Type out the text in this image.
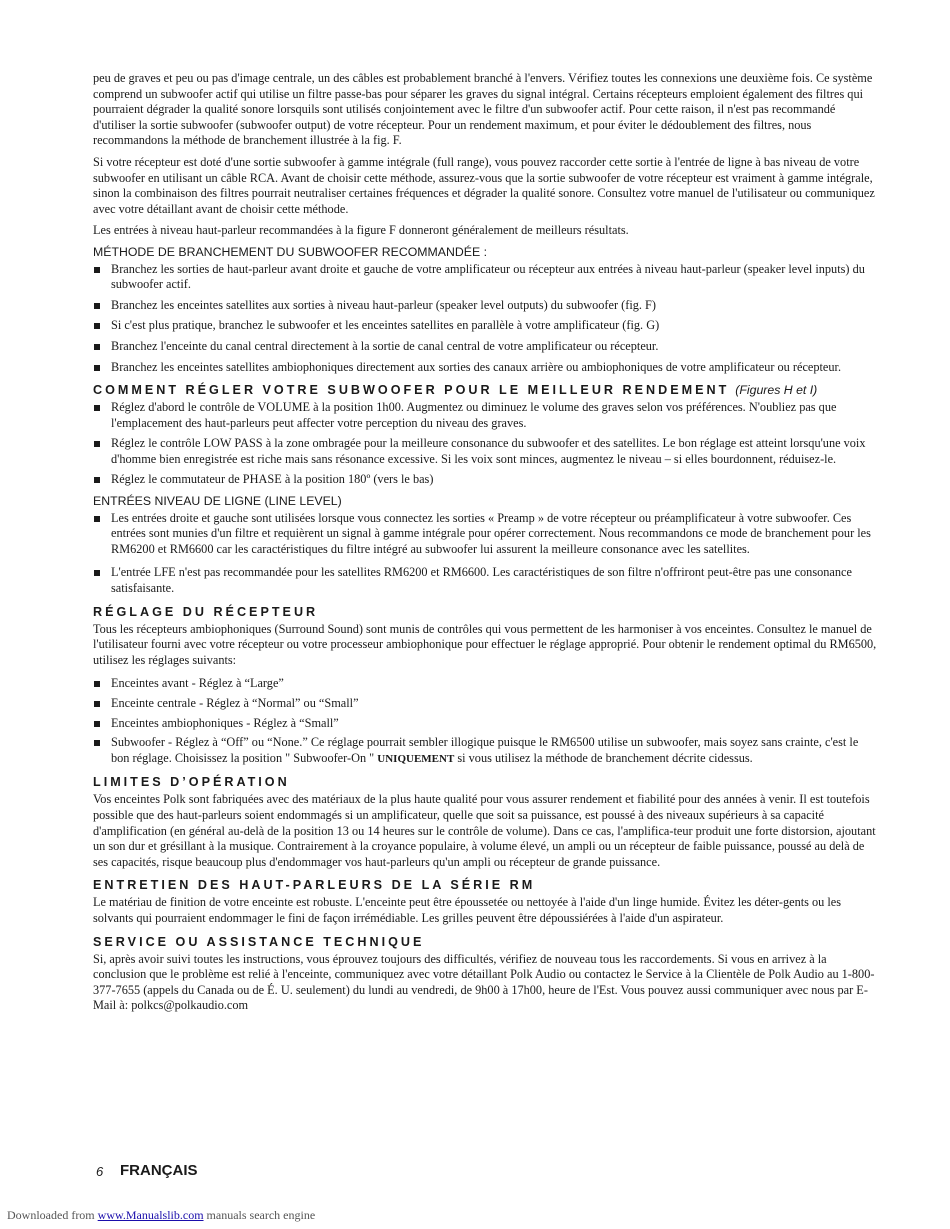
peu de graves et peu ou pas d'image centrale, un des câbles est probablement branché à l'envers. Vérifiez toutes les connexions une deuxième fois. Ce système comprend un subwoofer actif qui utilise un filtre passe-bas pour séparer les graves du signal intégral. Certains récepteurs emploient également des filtres qui pourraient dégrader la qualité sonore lorsquils sont utilisés conjointement avec le filtre d'un subwoofer actif. Pour cette raison, il n'est pas recommandé d'utiliser la sortie subwoofer (subwoofer output) de votre récepteur. Pour un rendement maximum, et pour éviter le dédoublement des filtres, nous recommandons la méthode de branchement illustrée à la fig. F.

Si votre récepteur est doté d'une sortie subwoofer à gamme intégrale (full range), vous pouvez raccorder cette sortie à l'entrée de ligne à bas niveau de votre subwoofer en utilisant un câble RCA. Avant de choisir cette méthode, assurez-vous que la sortie subwoofer de votre récepteur est vraiment à gamme intégrale, sinon la combinaison des filtres pourrait neutraliser certaines fréquences et dégrader la qualité sonore. Consultez votre manuel de l'utilisateur ou communiquez avec votre détaillant avant de choisir cette méthode.

Les entrées à niveau haut-parleur recommandées à la figure F donneront généralement de meilleurs résultats.

MÉTHODE DE BRANCHEMENT DU SUBWOOFER RECOMMANDÉE :
Branchez les sorties de haut-parleur avant droite et gauche de votre amplificateur ou récepteur aux entrées à niveau haut-parleur (speaker level inputs) du subwoofer actif.
Branchez les enceintes satellites aux sorties à niveau haut-parleur (speaker level outputs) du subwoofer (fig. F)
Si c'est plus pratique, branchez le subwoofer et les enceintes satellites en parallèle à votre amplificateur (fig. G)
Branchez l'enceinte du canal central directement à la sortie de canal central de votre amplificateur ou récepteur.
Branchez les enceintes satellites ambiophoniques directement aux sorties des canaux arrière ou ambiophoniques de votre amplificateur ou récepteur.
COMMENT RÉGLER VOTRE SUBWOOFER POUR LE MEILLEUR RENDEMENT (Figures H et I)
Réglez d'abord le contrôle de VOLUME à la position 1h00. Augmentez ou diminuez le volume des graves selon vos préférences. N'oubliez pas que l'emplacement des haut-parleurs peut affecter votre perception du niveau des graves.
Réglez le contrôle LOW PASS à la zone ombragée pour la meilleure consonance du subwoofer et des satellites. Le bon réglage est atteint lorsqu'une voix d'homme bien enregistrée est riche mais sans résonance excessive. Si les voix sont minces, augmentez le niveau – si elles bourdonnent, réduisez-le.
Réglez le commutateur de PHASE à la position 180º (vers le bas)
ENTRÉES NIVEAU DE LIGNE (LINE LEVEL)
Les entrées droite et gauche sont utilisées lorsque vous connectez les sorties « Preamp » de votre récepteur ou préamplificateur à votre subwoofer. Ces entrées sont munies d'un filtre et requièrent un signal à gamme intégrale pour opérer correctement. Nous recommandons ce mode de branchement pour les RM6200 et RM6600 car les caractéristiques du filtre intégré au subwoofer lui assurent la meilleure consonance avec les satellites.
L'entrée LFE n'est pas recommandée pour les satellites RM6200 et RM6600. Les caractéristiques de son filtre n'offriront peut-être pas une consonance satisfaisante.
RÉGLAGE DU RÉCEPTEUR

Tous les récepteurs ambiophoniques (Surround Sound) sont munis de contrôles qui vous permettent de les harmoniser à vos enceintes. Consultez le manuel de l'utilisateur fourni avec votre récepteur ou votre processeur ambiophonique pour effectuer le réglage approprié. Pour obtenir le rendement optimal du RM6500, utilisez les réglages suivants:

Enceintes avant - Réglez à “Large”
Enceinte centrale - Réglez à “Normal” ou “Small”
Enceintes ambiophoniques - Réglez à “Small”
Subwoofer - Réglez à “Off” ou “None.” Ce réglage pourrait sembler illogique puisque le RM6500 utilise un subwoofer, mais soyez sans crainte, c'est le bon réglage. Choisissez la position " Subwoofer-On " UNIQUEMENT si vous utilisez la méthode de branchement décrite cidessus.
LIMITES D’OPÉRATION

Vos enceintes Polk sont fabriquées avec des matériaux de la plus haute qualité pour vous assurer rendement et fiabilité pour des années à venir. Il est toutefois possible que des haut-parleurs soient endommagés si un amplificateur, quelle que soit sa puissance, est poussé à des niveaux supérieurs à sa capacité d'amplification (en général au-delà de la position 13 ou 14 heures sur le contrôle de volume). Dans ce cas, l'amplifica-teur produit une forte distorsion, ajoutant un son dur et grésillant à la musique. Contrairement à la croyance populaire, à volume élevé, un ampli ou un récepteur de faible puissance, poussé au delà de ses capacités, risque beaucoup plus d'endommager vos haut-parleurs qu'un ampli ou récepteur de grande puissance.

ENTRETIEN DES HAUT-PARLEURS DE LA SÉRIE RM

Le matériau de finition de votre enceinte est robuste. L'enceinte peut être époussetée ou nettoyée à l'aide d'un linge humide. Évitez les déter-gents ou les solvants qui pourraient endommager le fini de façon irrémédiable. Les grilles peuvent être dépoussiérées à l'aide d'un aspirateur.

SERVICE OU ASSISTANCE TECHNIQUE

Si, après avoir suivi toutes les instructions, vous éprouvez toujours des difficultés, vérifiez de nouveau tous les raccordements. Si vous en arrivez à la conclusion que le problème est relié à l'enceinte, communiquez avec votre détaillant Polk Audio ou contactez le Service à la Clientèle de Polk Audio au 1-800-377-7655 (appels du Canada ou de É. U. seulement) du lundi au vendredi, de 9h00 à 17h00, heure de l'Est. Vous pouvez aussi communiquer avec nous par E-Mail à: polkcs@polkaudio.com

6 FRANÇAIS
Downloaded from www.Manualslib.com manuals search engine
